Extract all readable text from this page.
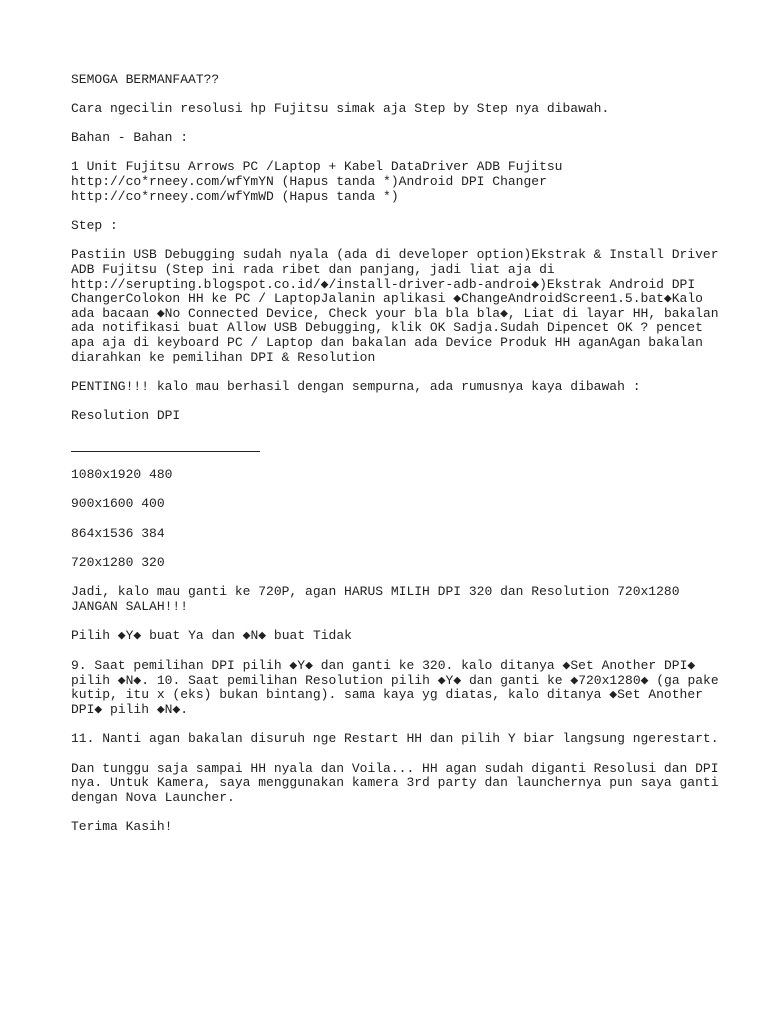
SEMOGA BERMANFAAT??

Cara ngecilin resolusi hp Fujitsu simak aja Step by Step nya dibawah.

Bahan - Bahan :

1 Unit Fujitsu Arrows PC /Laptop + Kabel DataDriver ADB Fujitsu

http://co*rneey.com/wfYmYN (Hapus tanda *)Android DPI Changer

http://co*rneey.com/wfYmWD (Hapus tanda *)

Step :

Pastiin USB Debugging sudah nyala (ada di developer option)Ekstrak & Install Driver

ADB Fujitsu (Step ini rada ribet dan panjang, jadi liat aja di

http://serupting.blogspot.co.id/◆/install-driver-adb-androi◆)Ekstrak Android DPI

ChangerColokon HH ke PC / LaptopJalanin aplikasi ◆ChangeAndroidScreen1.5.bat◆Kalo

ada bacaan ◆No Connected Device, Check your bla bla bla◆, Liat di layar HH, bakalan

ada notifikasi buat Allow USB Debugging, klik OK Sadja.Sudah Dipencet OK ? pencet

apa aja di keyboard PC / Laptop dan bakalan ada Device Produk HH aganAgan bakalan

diarahkan ke pemilihan DPI & Resolution

PENTING!!! kalo mau berhasil dengan sempurna, ada rumusnya kaya dibawah :

Resolution DPI

1080x1920 480

900x1600 400

864x1536 384

720x1280 320

Jadi, kalo mau ganti ke 720P, agan HARUS MILIH DPI 320 dan Resolution 720x1280

JANGAN SALAH!!!

Pilih ◆Y◆ buat Ya dan ◆N◆ buat Tidak

9. Saat pemilihan DPI pilih ◆Y◆ dan ganti ke 320. kalo ditanya ◆Set Another DPI◆

pilih ◆N◆. 10. Saat pemilihan Resolution pilih ◆Y◆ dan ganti ke ◆720x1280◆ (ga pake

kutip, itu x (eks) bukan bintang). sama kaya yg diatas, kalo ditanya ◆Set Another

DPI◆ pilih ◆N◆.

11. Nanti agan bakalan disuruh nge Restart HH dan pilih Y biar langsung ngerestart.

Dan tunggu saja sampai HH nyala dan Voila... HH agan sudah diganti Resolusi dan DPI

nya. Untuk Kamera, saya menggunakan kamera 3rd party dan launchernya pun saya ganti

dengan Nova Launcher.

Terima Kasih!
